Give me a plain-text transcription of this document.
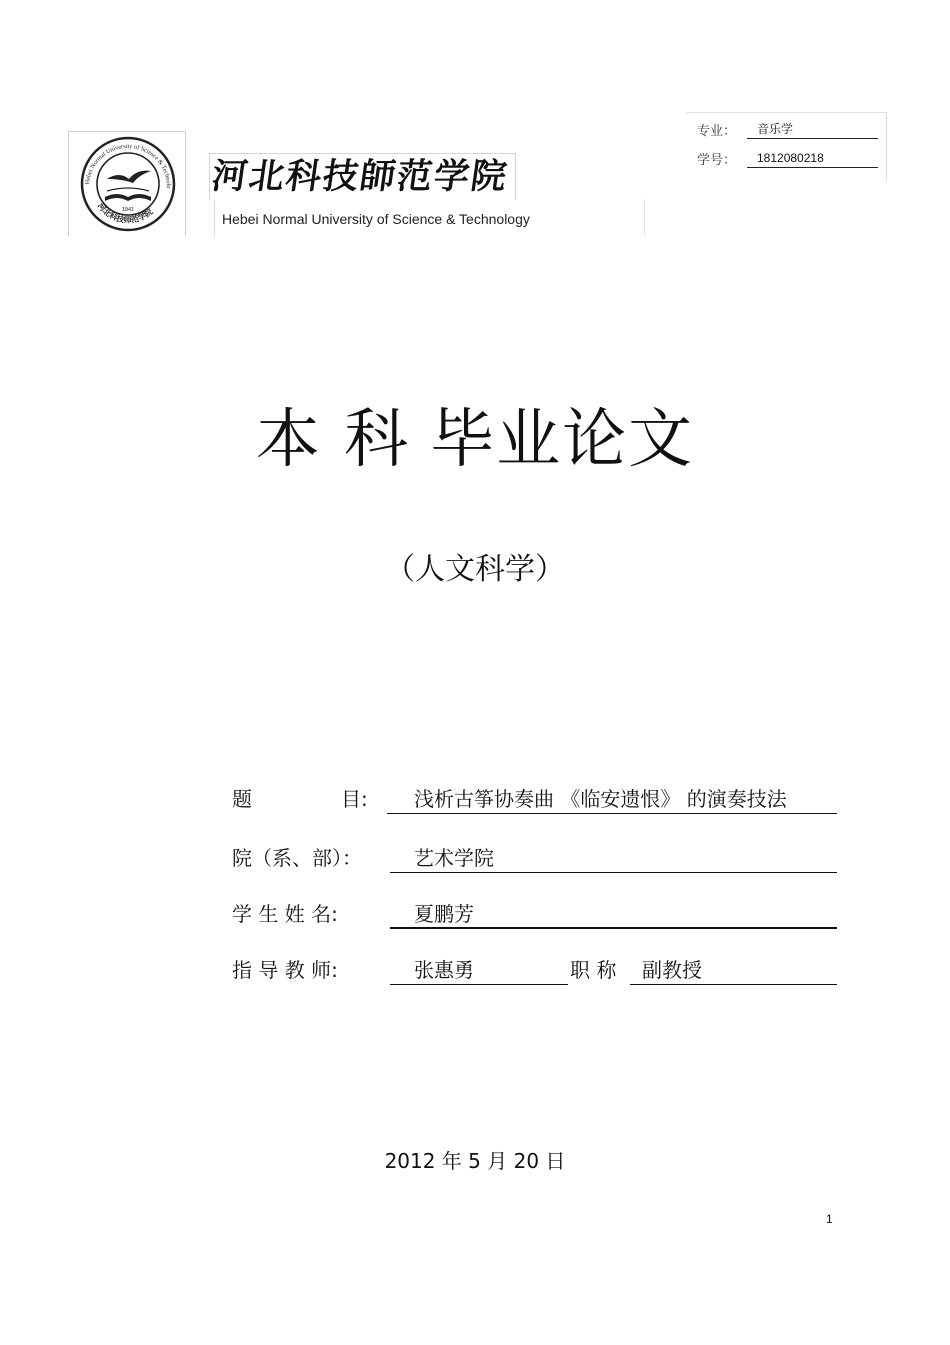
Hebei Normal University of Science & Technolo
河北科技师范学院
1941
河北科技師范学院
Hebei Normal University of Science & Technology
专业：	音乐学
学号：	1812080218
本 科 毕业论文
（人文科学）
题              目: 浅析古筝协奏曲 《临安遗恨》 的演奏技法
院（系、部）：	艺术学院
学 生 姓 名:	夏鹏芳
指 导 教 师:	张惠勇	职 称 副教授
2012 年 5 月 20 日
1
